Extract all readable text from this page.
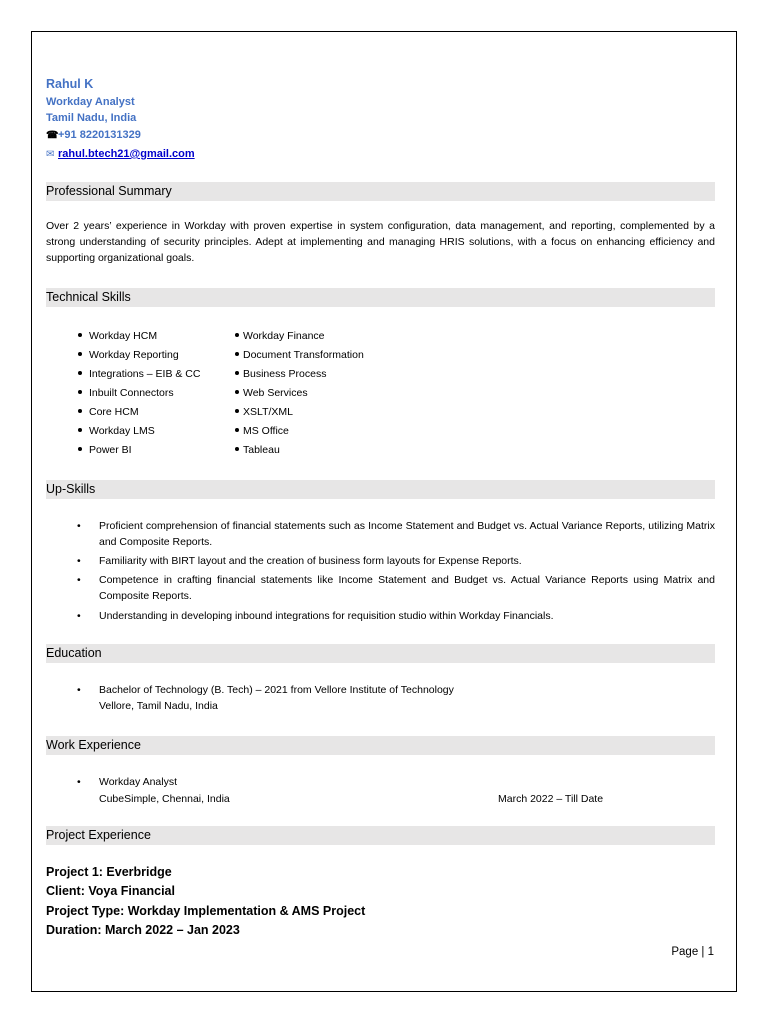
Rahul K
Workday Analyst
Tamil Nadu, India
☎+91 8220131329
✉ rahul.btech21@gmail.com
Professional Summary
Over 2 years’ experience in Workday with proven expertise in system configuration, data management, and reporting, complemented by a strong understanding of security principles. Adept at implementing and managing HRIS solutions, with a focus on enhancing efficiency and supporting organizational goals.
Technical Skills
Workday HCM
Workday Reporting
Integrations – EIB & CC
Inbuilt Connectors
Core HCM
Workday LMS
Power BI
Workday Finance
Document Transformation
Business Process
Web Services
XSLT/XML
MS Office
Tableau
Up-Skills
• Proficient comprehension of financial statements such as Income Statement and Budget vs. Actual Variance Reports, utilizing Matrix and Composite Reports.
• Familiarity with BIRT layout and the creation of business form layouts for Expense Reports.
• Competence in crafting financial statements like Income Statement and Budget vs. Actual Variance Reports using Matrix and Composite Reports.
• Understanding in developing inbound integrations for requisition studio within Workday Financials.
Education
• Bachelor of Technology (B. Tech) – 2021 from Vellore Institute of Technology
Vellore, Tamil Nadu, India
Work Experience
• Workday Analyst
CubeSimple, Chennai, India	March 2022 – Till Date
Project Experience
Project 1: Everbridge
Client: Voya Financial
Project Type: Workday Implementation & AMS Project
Duration: March 2022 – Jan 2023
Page | 1
